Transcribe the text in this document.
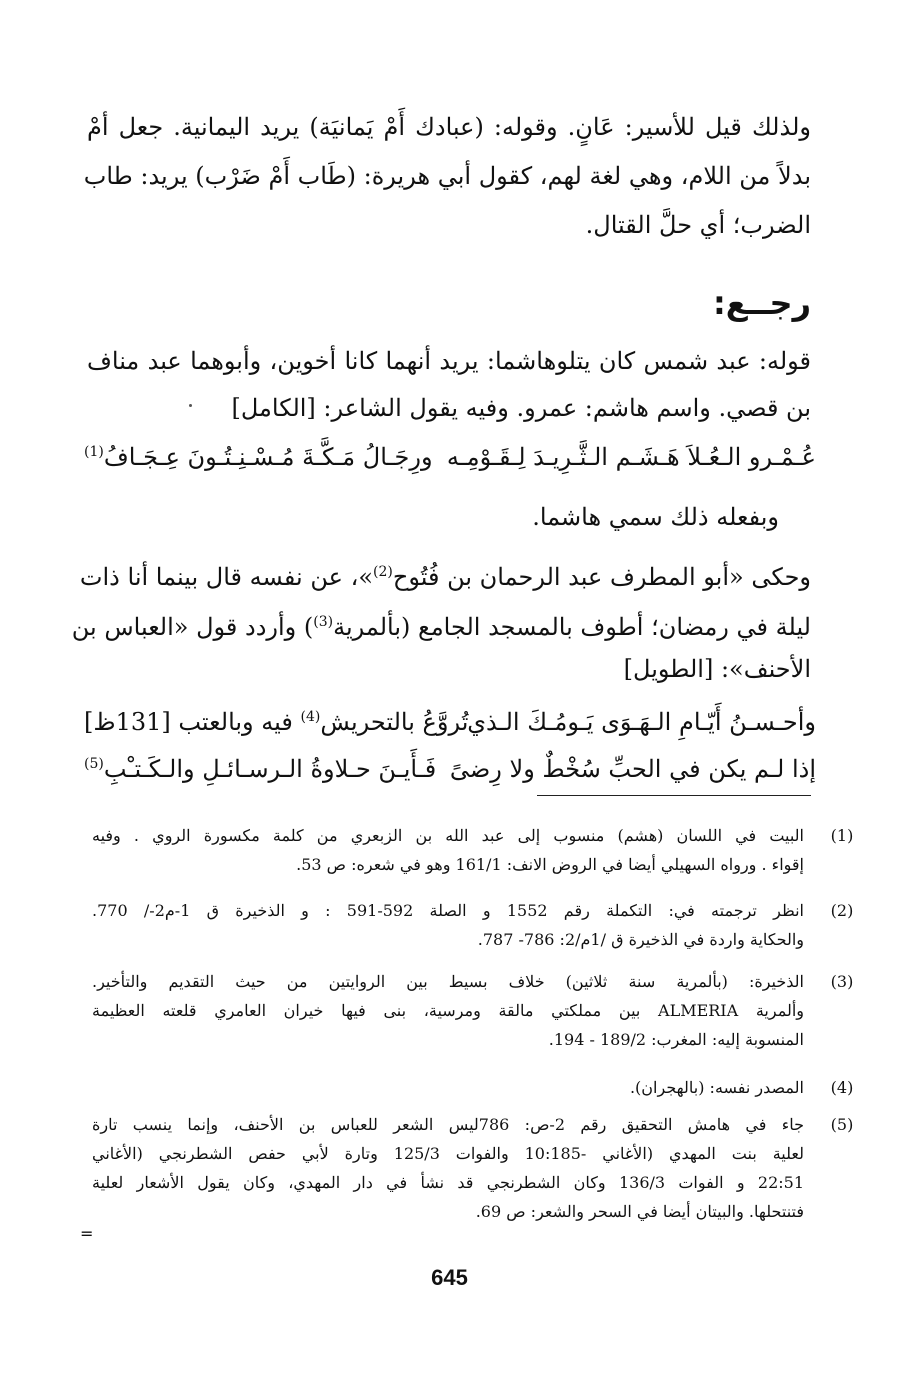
ولذلك قيل للأسير: عَانٍ. وقوله: (عبادك أَمْ يَمانيَة) يريد اليمانية. جعل أمْ
بدلاً من اللام، وهي لغة لهم، كقول أبي هريرة: (طَاب أَمْ ضَرْب) يريد: طاب
الضرب؛ أي حلَّ القتال.
رجــع:
قوله: عبد شمس كان يتلوهاشما: يريد أنهما كانا أخوين، وأبوهما عبد مناف
بن قصي. واسم هاشم: عمرو. وفيه يقول الشاعر: [الكامل]
عُـمْـرو الـعُـلاَ هَـشَـم الـثَّـرِيـدَ لِـقَـوْمِـه
ورِجَـالُ مَـكَّـةَ مُـسْـنِـتُـونَ عِـجَـافُ$^{(1)}$
وبفعله ذلك سمي هاشما.
وحكى «أبو المطرف عبد الرحمان بن فُتُوح$^{(2)}$»، عن نفسه قال بينما أنا ذات
ليلة في رمضان؛ أطوف بالمسجد الجامع (بألمرية$^{(3)}$) وأردد قول «العباس بن
الأحنف»: [الطويل]
وأحـسـنُ أَيّـامِ الـهَـوَى يَـومُـكَ الـذي
تُروَّعُ بالتحريش$^{(4)}$ فيه وبالعتب [131ظ]
إذا لـم يكن في الحبِّ سُخْطٌ ولا رِضىً
فَـأَيـنَ حـلاوةُ الـرسـائـلِ والـكَـتـْبِ$^{(5)}$
(1)
البيت في اللسان (هشم) منسوب إلى عبد الله بن الزبعري من كلمة مكسورة الروي . وفيه
إقواء . ورواه السهيلي أيضا في الروض الانف: 161/1 وهو في شعره: ص 53.
(2)
انظر ترجمته في: التكملة رقم 1552 و الصلة 592-591 : و الذخيرة ق 1-م2-/ 770.
والحكاية واردة في الذخيرة ق /1م/2: 786- 787.
(3)
الذخيرة: (بألمرية سنة ثلاثين) خلاف بسيط بين الروايتين من حيث التقديم والتأخير.
وألمرية ALMERIA بين مملكتي مالقة ومرسية، بنى فيها خيران العامري قلعته العظيمة
المنسوبة إليه: المغرب: 189/2 - 194.
(4)
المصدر نفسه: (بالهجران).
(5)
جاء في هامش التحقيق رقم 2-ص: 786ليس الشعر للعباس بن الأحنف، وإنما ينسب تارة
لعلية بنت المهدي (الأغاني -10:185 والفوات 125/3 وتارة لأبي حفص الشطرنجي (الأغاني
22:51 و الفوات 136/3 وكان الشطرنجي قد نشأ في دار المهدي، وكان يقول الأشعار لعلية
فتنتحلها. والبيتان أيضا في السحر والشعر: ص 69.
=
645
